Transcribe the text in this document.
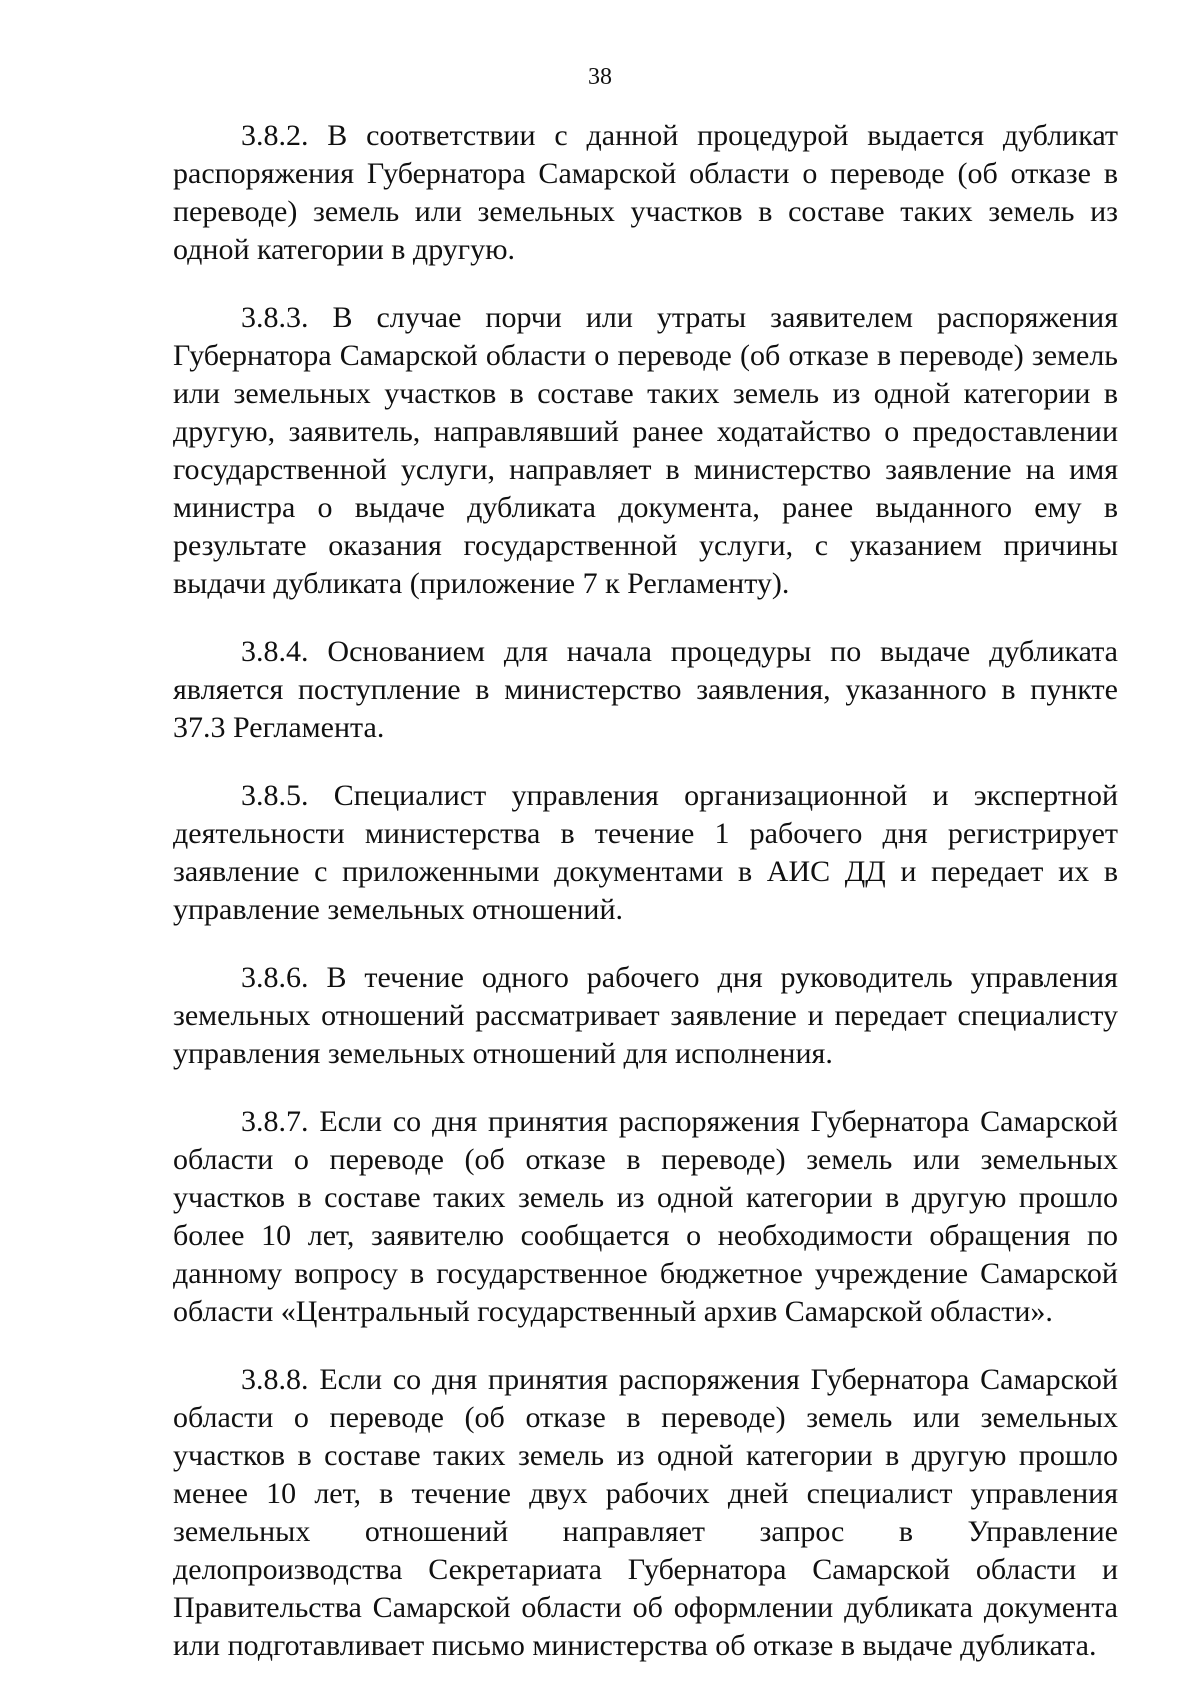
38

3.8.2. В соответствии с данной процедурой выдается дубликат распоряжения Губернатора Самарской области о переводе (об отказе в переводе) земель или земельных участков в составе таких земель из одной категории в другую.

3.8.3. В случае порчи или утраты заявителем распоряжения Губернатора Самарской области о переводе (об отказе в переводе) земель или земельных участков в составе таких земель из одной категории в другую, заявитель, направлявший ранее ходатайство о предоставлении государственной услуги, направляет в министерство заявление на имя министра о выдаче дубликата документа, ранее выданного ему в результате оказания государственной услуги, с указанием причины выдачи дубликата (приложение 7 к Регламенту).

3.8.4. Основанием для начала процедуры по выдаче дубликата является поступление в министерство заявления, указанного в пункте 37.3 Регламента.

3.8.5. Специалист управления организационной и экспертной деятельности министерства в течение 1 рабочего дня регистрирует заявление с приложенными документами в АИС ДД и передает их в управление земельных отношений.

3.8.6. В течение одного рабочего дня руководитель управления земельных отношений рассматривает заявление и передает специалисту управления земельных отношений для исполнения.

3.8.7. Если со дня принятия распоряжения Губернатора Самарской области о переводе (об отказе в переводе) земель или земельных участков в составе таких земель из одной категории в другую прошло более 10 лет, заявителю сообщается о необходимости обращения по данному вопросу в государственное бюджетное учреждение Самарской области «Центральный государственный архив Самарской области».

3.8.8. Если со дня принятия распоряжения Губернатора Самарской области о переводе (об отказе в переводе) земель или земельных участков в составе таких земель из одной категории в другую прошло менее 10 лет, в течение двух рабочих дней специалист управления земельных отношений направляет запрос в Управление делопроизводства Секретариата Губернатора Самарской области и Правительства Самарской области об оформлении дубликата документа или подготавливает письмо министерства об отказе в выдаче дубликата.
